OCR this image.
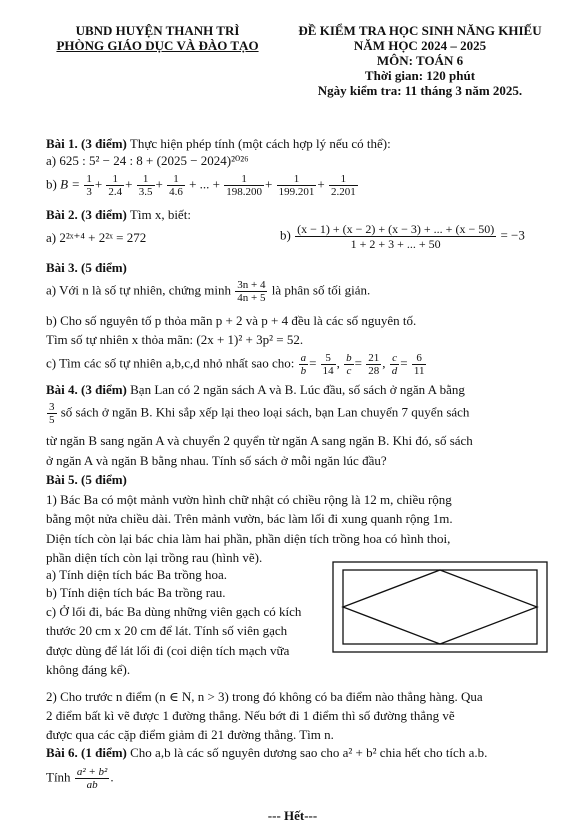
UBND HUYỆN THANH TRÌ
PHÒNG GIÁO DỤC VÀ ĐÀO TẠO
ĐỀ KIỂM TRA HỌC SINH NĂNG KHIẾU
NĂM HỌC 2024 – 2025
MÔN: TOÁN 6
Thời gian: 120 phút
Ngày kiểm tra: 11 tháng 3 năm 2025.
Bài 1. (3 điểm) Thực hiện phép tính (một cách hợp lý nếu có thể):
a) 625 : 5² − 24 : 8 + (2025 − 2024)²⁰²⁶
b) $B = \frac{1}{3} + \frac{1}{2.4} + \frac{1}{3.5} + \frac{1}{4.6}$ + ... + $\frac{1}{198.200} + \frac{1}{199.201} + \frac{1}{2.201}$
Bài 2. (3 điểm) Tìm x, biết:
a) 2²ˣ⁺⁴ + 2²ˣ = 272	$b) \frac{(x - 1) + (x - 2) + (x - 3) + ... + (x - 50)}{1 + 2 + 3 + ... + 50} = -3$
Bài 3. (5 điểm)
a) Với n là số tự nhiên, chứng minh $\frac{3n + 4}{4n + 5}$ là phân số tối giản.
b) Cho số nguyên tố p thỏa mãn p + 2 và p + 4 đều là các số nguyên tố.
Tìm số tự nhiên x thỏa mãn: (2x + 1)² + 3p² = 52.
c) Tìm các số tự nhiên a,b,c,d nhỏ nhất sao cho: $\frac{a}{b} = \frac{5}{14}$ , $\frac{b}{c} = \frac{21}{28}$ , $\frac{c}{d} = \frac{6}{11}$
Bài 4. (3 điểm) Bạn Lan có 2 ngăn sách A và B. Lúc đầu, số sách ở ngăn A bằng
$\frac{3}{5}$ số sách ở ngăn B. Khi sắp xếp lại theo loại sách, bạn Lan chuyển 7 quyển sách
từ ngăn B sang ngăn A và chuyển 2 quyển từ ngăn A sang ngăn B. Khi đó, số sách
ở ngăn A và ngăn B bằng nhau. Tính số sách ở mỗi ngăn lúc đầu?
Bài 5. (5 điểm)
1) Bác Ba có một mảnh vườn hình chữ nhật có chiều rộng là 12 m, chiều rộng
bằng một nửa chiều dài. Trên mảnh vườn, bác làm lối đi xung quanh rộng 1m.
Diện tích còn lại bác chia làm hai phần, phần diện tích trồng hoa có hình thoi,
phần diện tích còn lại trồng rau (hình vẽ).
a) Tính diện tích bác Ba trồng hoa.
b) Tính diện tích bác Ba trồng rau.
c) Ở lối đi, bác Ba dùng những viên gạch có kích
thước 20 cm x 20 cm để lát. Tính số viên gạch
được dùng để lát lối đi (coi diện tích mạch vữa
không đáng kể).
2) Cho trước n điểm (n ∈ N, n > 3) trong đó không có ba điểm nào thẳng hàng. Qua
2 điểm bất kì vẽ được 1 đường thẳng. Nếu bớt đi 1 điểm thì số đường thẳng vẽ
được qua các cặp điểm giảm đi 21 đường thẳng. Tìm n.
Bài 6. (1 điểm) Cho a,b là các số nguyên dương sao cho a² + b² chia hết cho tích a.b.
Tính $\frac{\text{a² + b²}}{ab}$ .
--- Hết---
